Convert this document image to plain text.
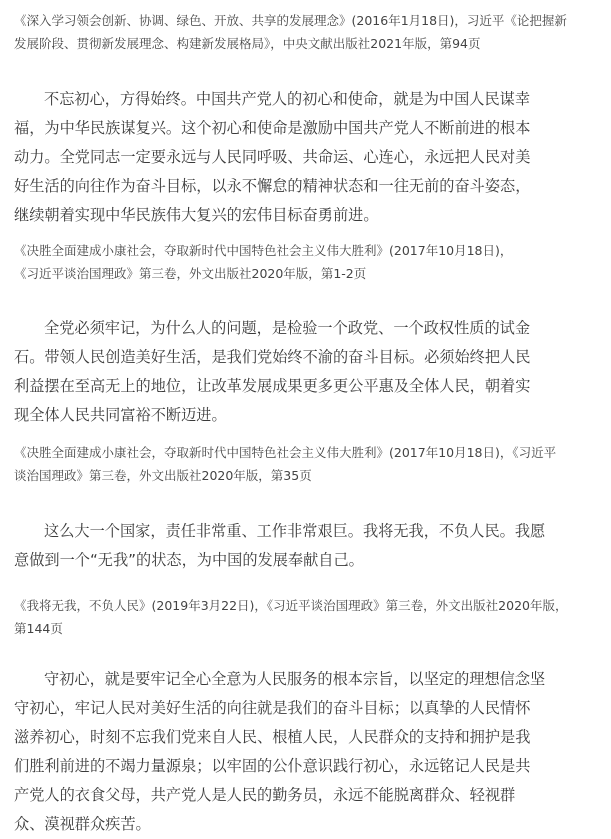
《深入学习领会创新、协调、绿色、开放、共享的发展理念》(2016年1月18日)，习近平《论把握新
发展阶段、贯彻新发展理念、构建新发展格局》，中央文献出版社2021年版，第94页
不忘初心，方得始终。中国共产党人的初心和使命，就是为中国人民谋幸
福，为中华民族谋复兴。这个初心和使命是激励中国共产党人不断前进的根本
动力。全党同志一定要永远与人民同呼吸、共命运、心连心，永远把人民对美
好生活的向往作为奋斗目标，以永不懈怠的精神状态和一往无前的奋斗姿态，
继续朝着实现中华民族伟大复兴的宏伟目标奋勇前进。
《决胜全面建成小康社会，夺取新时代中国特色社会主义伟大胜利》(2017年10月18日)，
《习近平谈治国理政》第三卷，外文出版社2020年版，第1-2页
全党必须牢记，为什么人的问题，是检验一个政党、一个政权性质的试金
石。带领人民创造美好生活，是我们党始终不渝的奋斗目标。必须始终把人民
利益摆在至高无上的地位，让改革发展成果更多更公平惠及全体人民，朝着实
现全体人民共同富裕不断迈进。
《决胜全面建成小康社会，夺取新时代中国特色社会主义伟大胜利》(2017年10月18日)，《习近平
谈治国理政》第三卷，外文出版社2020年版，第35页
这么大一个国家，责任非常重、工作非常艰巨。我将无我，不负人民。我愿
意做到一个“无我”的状态，为中国的发展奉献自己。
《我将无我，不负人民》(2019年3月22日)，《习近平谈治国理政》第三卷，外文出版社2020年版，
第144页
守初心，就是要牢记全心全意为人民服务的根本宗旨，以坚定的理想信念坚
守初心，牢记人民对美好生活的向往就是我们的奋斗目标；以真挚的人民情怀
滋养初心，时刻不忘我们党来自人民、根植人民，人民群众的支持和拥护是我
们胜利前进的不竭力量源泉；以牢固的公仆意识践行初心，永远铭记人民是共
产党人的衣食父母，共产党人是人民的勤务员，永远不能脱离群众、轻视群
众、漠视群众疾苦。
